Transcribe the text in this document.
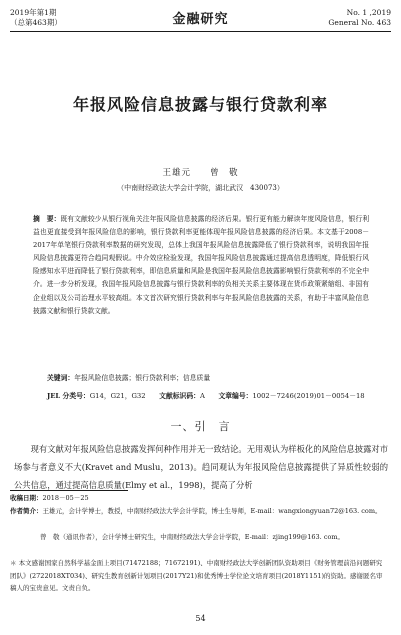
2019年第1期
（总第463期）	金融研究	No. 1 ,2019
General No. 463
年报风险信息披露与银行贷款利率
王雄元　　曾　敬
（中南财经政法大学会计学院，湖北武汉　430073）
摘　要：既有文献较少从银行视角关注年报风险信息披露的经济后果。银行更有能力解读年度风险信息，银行利益也更直接受到年报风险信息的影响，银行贷款利率更能体现年报风险信息披露的经济后果。本文基于2008－2017年单笔银行贷款利率数据的研究发现，总体上我国年报风险信息披露降低了银行贷款利率，说明我国年报风险信息披露更符合趋同观假说。中介效应检验发现，我国年报风险信息披露通过提高信息透明度，降低银行风险感知水平进而降低了银行贷款利率，即信息质量和风险是我国年报风险信息披露影响银行贷款利率的不完全中介。进一步分析发现，我国年报风险信息披露与银行贷款利率的负相关关系主要体现在货币政策紧缩组、非国有企业组以及公司治理水平较高组。本文首次研究银行贷款利率与年报风险信息披露的关系，有助于丰富风险信息披露文献和银行贷款文献。
关键词：年报风险信息披露；银行贷款利率；信息质量
JEL 分类号：G14，G21，G32　　 文献标识码：A　　 文章编号：1002－7246(2019)01－0054－18
一、引　言
现有文献对年报风险信息披露发挥何种作用并无一致结论。无用观认为样板化的风险信息披露对市场参与者意义不大(Kravet and Muslu，2013)。趋同观认为年报风险信息披露提供了异质性较弱的公共信息，通过提高信息质量(Elmy et al.，1998)，提高了分析
收稿日期：2018－05－25
作者简介：王雄元，会计学博士，教授，中南财经政法大学会计学院，博士生导师，E-mail：wangxiongyuan72@163. com。
曾　敬（通讯作者），会计学博士研究生，中南财经政法大学会计学院，E-mail：zjing199@163. com。
＊ 本文感谢国家自然科学基金面上项目(71472188；71672191)、中南财经政法大学创新团队资助项目《财务管理前沿问题研究团队》(2722018XT034)、研究生教育创新计划项目(2017Y21)和优秀博士学位论文培育项目(2018Y1151)的资助。感谢匿名审稿人的宝贵意见。文责自负。
54
